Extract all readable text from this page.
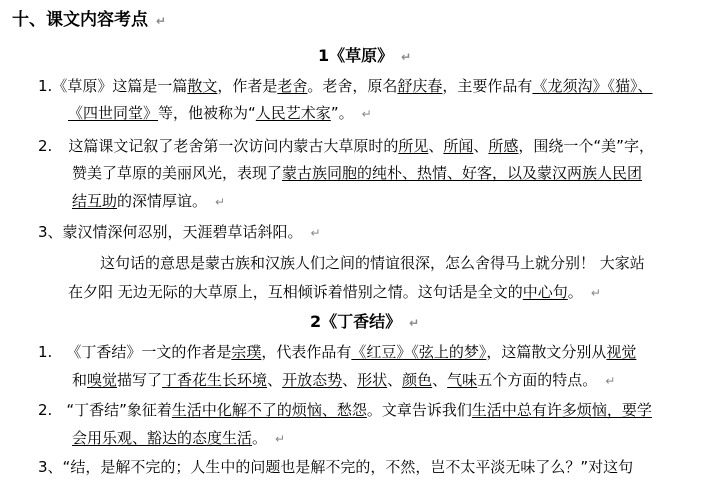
十、课文内容考点 ↵
1《草原》 ↵
1.《草原》这篇是一篇散文，作者是老舍。老舍，原名舒庆春，主要作品有《龙须沟》《猫》、
《四世同堂》等，他被称为“人民艺术家”。 ↵
2. 这篇课文记叙了老舍第一次访问内蒙古大草原时的所见、所闻、所感，围绕一个“美”字，
赞美了草原的美丽风光，表现了蒙古族同胞的纯朴、热情、好客，以及蒙汉两族人民团
结互助的深情厚谊。 ↵
3、蒙汉情深何忍别，天涯碧草话斜阳。 ↵
这句话的意思是蒙古族和汉族人们之间的情谊很深，怎么舍得马上就分别！ 大家站
在夕阳 无边无际的大草原上，互相倾诉着惜别之情。这句话是全文的中心句。 ↵
2《丁香结》 ↵
1. 《丁香结》一文的作者是宗璞，代表作品有《红豆》《弦上的梦》，这篇散文分别从视觉
和嗅觉描写了丁香花生长环境、开放态势、形状、颜色、气味五个方面的特点。 ↵
2. “丁香结”象征着生活中化解不了的烦恼、愁怨。文章告诉我们生活中总有许多烦恼，要学
会用乐观、豁达的态度生活。 ↵
3、“结，是解不完的；人生中的问题也是解不完的，不然，岂不太平淡无味了么？”对这句
